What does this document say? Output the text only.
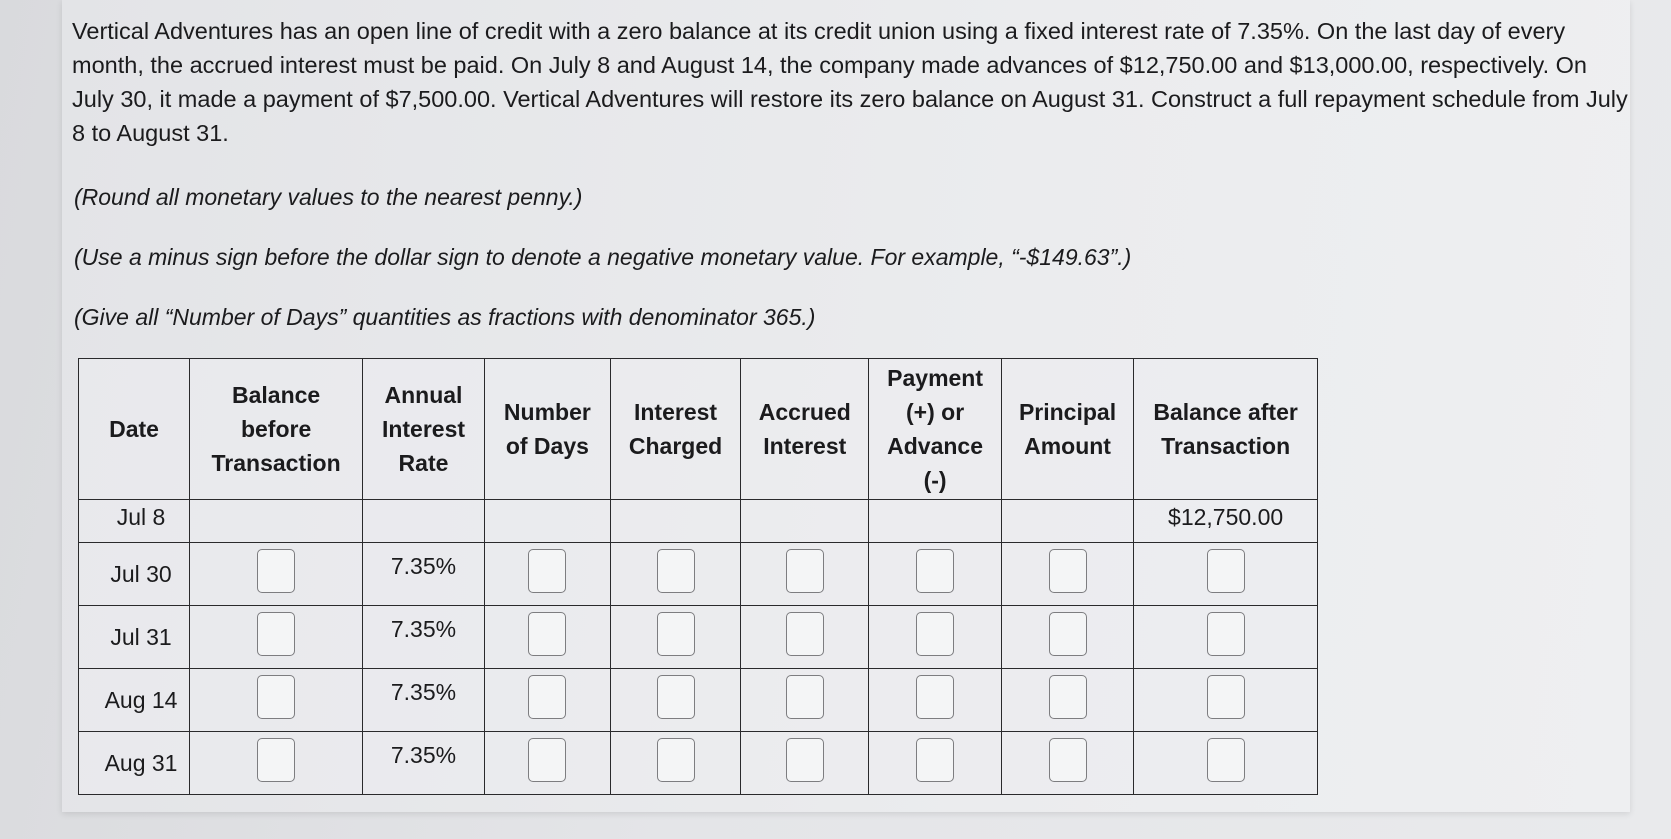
Vertical Adventures has an open line of credit with a zero balance at its credit union using a fixed interest rate of 7.35%. On the last day of every month, the accrued interest must be paid. On July 8 and August 14, the company made advances of $12,750.00 and $13,000.00, respectively. On July 30, it made a payment of $7,500.00. Vertical Adventures will restore its zero balance on August 31. Construct a full repayment schedule from July 8 to August 31.

(Round all monetary values to the nearest penny.)

(Use a minus sign before the dollar sign to denote a negative monetary value. For example, “-$149.63”.)

(Give all “Number of Days” quantities as fractions with denominator 365.)

Date	Balance before Transaction	Annual Interest Rate	Number of Days	Interest Charged	Accrued Interest	Payment (+) or Advance (-)	Principal Amount	Balance after Transaction
Jul 8								$12,750.00
Jul 30		7.35%						
Jul 31		7.35%						
Aug 14		7.35%						
Aug 31		7.35%						
